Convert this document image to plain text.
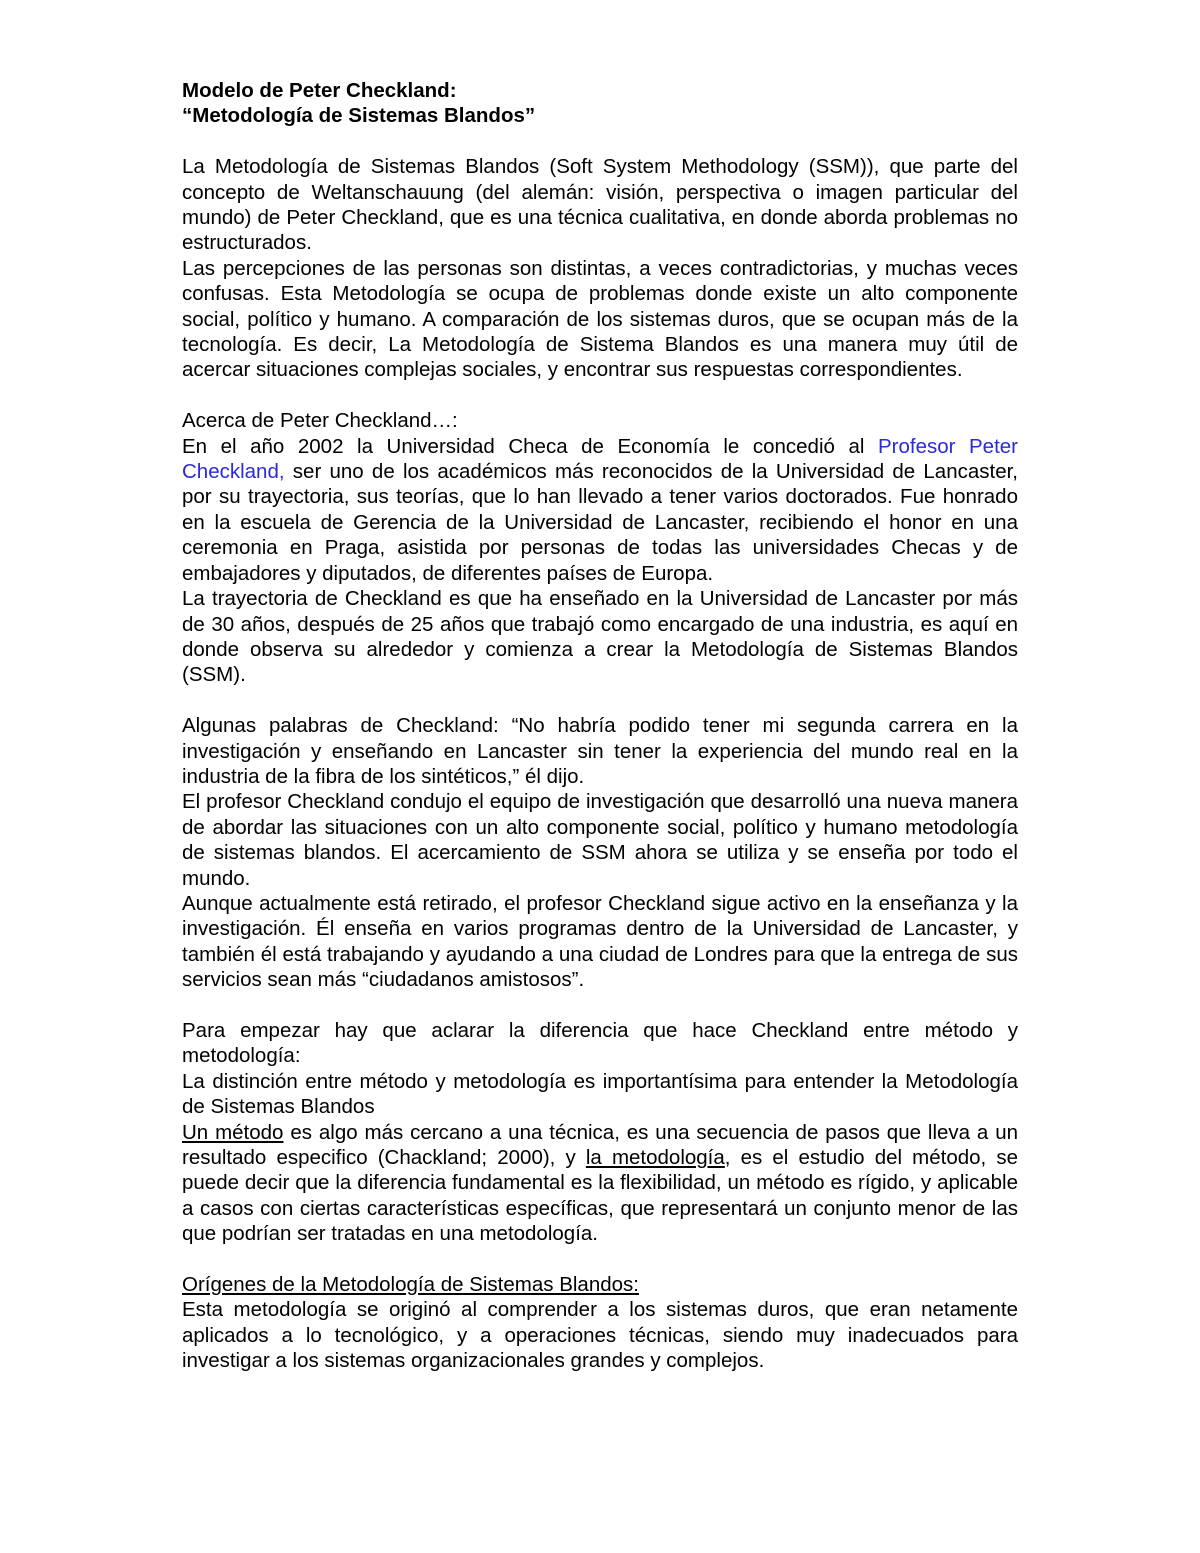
Modelo de Peter Checkland:

“Metodología de Sistemas Blandos”

La Metodología de Sistemas Blandos (Soft System Methodology (SSM)), que parte del concepto de Weltanschauung (del alemán: visión, perspectiva o imagen particular del mundo) de Peter Checkland, que es una técnica cualitativa, en donde aborda problemas no estructurados.

Las percepciones de las personas son distintas, a veces contradictorias, y muchas veces confusas. Esta Metodología se ocupa de problemas donde existe un alto componente social, político y humano. A comparación de los sistemas duros, que se ocupan más de la tecnología. Es decir, La Metodología de Sistema Blandos es una manera muy útil de acercar situaciones complejas sociales, y encontrar sus respuestas correspondientes.

Acerca de Peter Checkland…:

En el año 2002 la Universidad Checa de Economía le concedió al Profesor Peter Checkland, ser uno de los académicos más reconocidos de la Universidad de Lancaster, por su trayectoria, sus teorías, que lo han llevado a tener varios doctorados. Fue honrado en la escuela de Gerencia de la Universidad de Lancaster, recibiendo el honor en una ceremonia en Praga, asistida por personas de todas las universidades Checas y de embajadores y diputados, de diferentes países de Europa.

La trayectoria de Checkland es que ha enseñado en la Universidad de Lancaster por más de 30 años, después de 25 años que trabajó como encargado de una industria, es aquí en donde observa su alrededor y comienza a crear la Metodología de Sistemas Blandos (SSM).

Algunas palabras de Checkland: “No habría podido tener mi segunda carrera en la investigación y enseñando en Lancaster sin tener la experiencia del mundo real en la industria de la fibra de los sintéticos,” él dijo.

El profesor Checkland condujo el equipo de investigación que desarrolló una nueva manera de abordar las situaciones con un alto componente social, político y humano metodología de sistemas blandos. El acercamiento de SSM ahora se utiliza y se enseña por todo el mundo.

Aunque actualmente está retirado, el profesor Checkland sigue activo en la enseñanza y la investigación. Él enseña en varios programas dentro de la Universidad de Lancaster, y también él está trabajando y ayudando a una ciudad de Londres para que la entrega de sus servicios sean más “ciudadanos amistosos”.

Para empezar hay que aclarar la diferencia que hace Checkland entre método y metodología:

La distinción entre método y metodología es importantísima para entender la Metodología de Sistemas Blandos

Un método es algo más cercano a una técnica, es una secuencia de pasos que lleva a un resultado especifico (Chackland; 2000), y la metodología, es el estudio del método, se puede decir que la diferencia fundamental es la flexibilidad, un método es rígido, y aplicable a casos con ciertas características específicas, que representará un conjunto menor de las que podrían ser tratadas en una metodología.

Orígenes de la Metodología de Sistemas Blandos:

Esta metodología se originó al comprender a los sistemas duros, que eran netamente aplicados a lo tecnológico, y a operaciones técnicas, siendo muy inadecuados para investigar a los sistemas organizacionales grandes y complejos.
